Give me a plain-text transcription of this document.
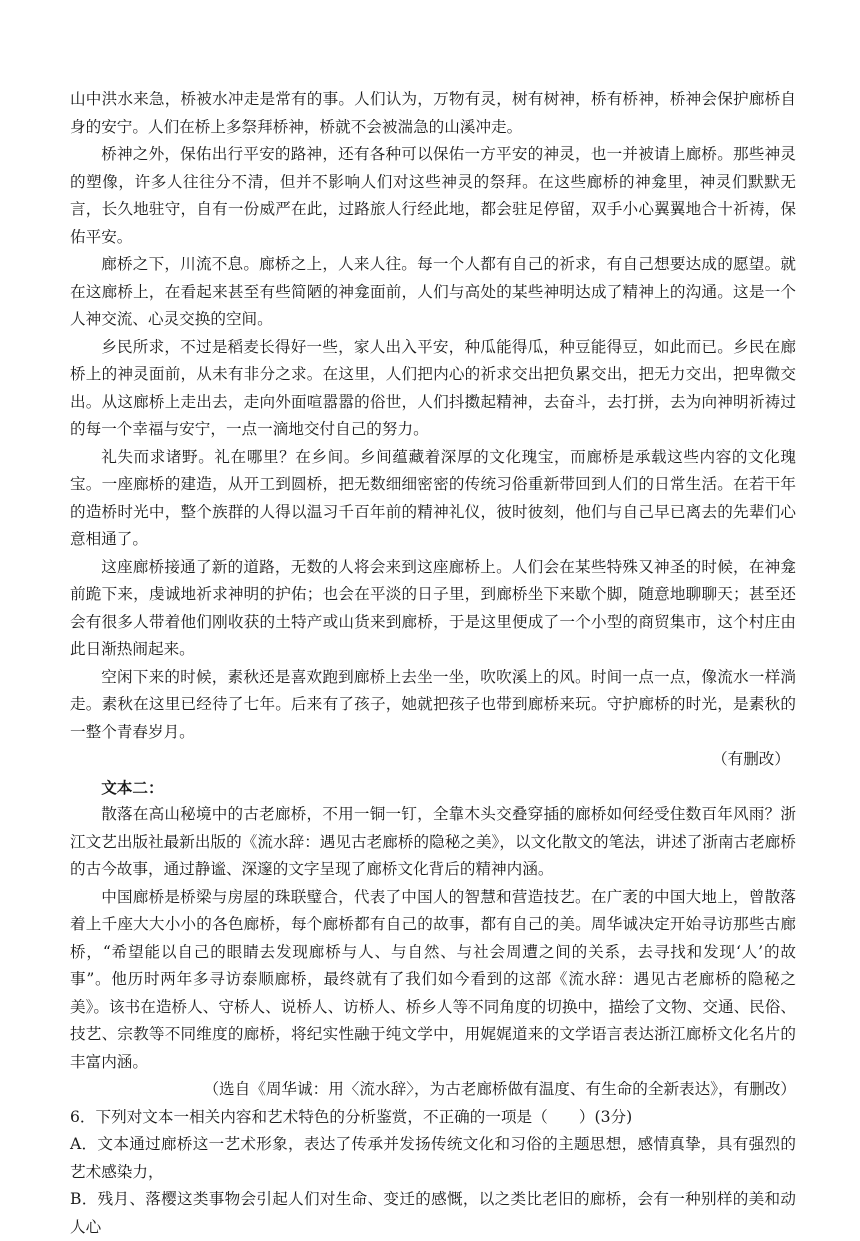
山中洪水来急，桥被水冲走是常有的事。人们认为，万物有灵，树有树神，桥有桥神，桥神会保护廊桥自身的安宁。人们在桥上多祭拜桥神，桥就不会被湍急的山溪冲走。

桥神之外，保佑出行平安的路神，还有各种可以保佑一方平安的神灵，也一并被请上廊桥。那些神灵的塑像，许多人往往分不清，但并不影响人们对这些神灵的祭拜。在这些廊桥的神龛里，神灵们默默无言，长久地驻守，自有一份威严在此，过路旅人行经此地，都会驻足停留，双手小心翼翼地合十祈祷，保佑平安。

廊桥之下，川流不息。廊桥之上，人来人往。每一个人都有自己的祈求，有自己想要达成的愿望。就在这廊桥上，在看起来甚至有些简陋的神龛面前，人们与高处的某些神明达成了精神上的沟通。这是一个人神交流、心灵交换的空间。

乡民所求，不过是稻麦长得好一些，家人出入平安，种瓜能得瓜，种豆能得豆，如此而已。乡民在廊桥上的神灵面前，从未有非分之求。在这里，人们把内心的祈求交出把负累交出，把无力交出，把卑微交出。从这廊桥上走出去，走向外面喧嚣嚣的俗世，人们抖擞起精神，去奋斗，去打拼，去为向神明祈祷过的每一个幸福与安宁，一点一滴地交付自己的努力。

礼失而求诸野。礼在哪里？在乡间。乡间蕴藏着深厚的文化瑰宝，而廊桥是承载这些内容的文化瑰宝。一座廊桥的建造，从开工到圆桥，把无数细细密密的传统习俗重新带回到人们的日常生活。在若干年的造桥时光中，整个族群的人得以温习千百年前的精神礼仪，彼时彼刻，他们与自己早已离去的先辈们心意相通了。

这座廊桥接通了新的道路，无数的人将会来到这座廊桥上。人们会在某些特殊又神圣的时候，在神龛前跪下来，虔诚地祈求神明的护佑；也会在平淡的日子里，到廊桥坐下来歇个脚，随意地聊聊天；甚至还会有很多人带着他们刚收获的土特产或山货来到廊桥，于是这里便成了一个小型的商贸集市，这个村庄由此日渐热闹起来。

空闲下来的时候，素秋还是喜欢跑到廊桥上去坐一坐，吹吹溪上的风。时间一点一点，像流水一样淌走。素秋在这里已经待了七年。后来有了孩子，她就把孩子也带到廊桥来玩。守护廊桥的时光，是素秋的一整个青春岁月。

（有删改）

文本二：

散落在高山秘境中的古老廊桥，不用一铜一钉，全靠木头交叠穿插的廊桥如何经受住数百年风雨？浙江文艺出版社最新出版的《流水辞：遇见古老廊桥的隐秘之美》，以文化散文的笔法，讲述了浙南古老廊桥的古今故事，通过静谧、深邃的文字呈现了廊桥文化背后的精神内涵。

中国廊桥是桥梁与房屋的珠联璧合，代表了中国人的智慧和营造技艺。在广袤的中国大地上，曾散落着上千座大大小小的各色廊桥，每个廊桥都有自己的故事，都有自己的美。周华诚决定开始寻访那些古廊桥，“希望能以自己的眼睛去发现廊桥与人、与自然、与社会周遭之间的关系，去寻找和发现‘人’的故事”。他历时两年多寻访泰顺廊桥，最终就有了我们如今看到的这部《流水辞：遇见古老廊桥的隐秘之美》。该书在造桥人、守桥人、说桥人、访桥人、桥乡人等不同角度的切换中，描绘了文物、交通、民俗、技艺、宗教等不同维度的廊桥，将纪实性融于纯文学中，用娓娓道来的文学语言表达浙江廊桥文化名片的丰富内涵。

（选自《周华诚：用〈流水辞〉，为古老廊桥做有温度、有生命的全新表达》，有删改）

6．下列对文本一相关内容和艺术特色的分析鉴赏，不正确的一项是（　　）(3分)

A．文本通过廊桥这一艺术形象，表达了传承并发扬传统文化和习俗的主题思想，感情真挚，具有强烈的艺术感染力，

B．残月、落樱这类事物会引起人们对生命、变迁的感慨，以之类比老旧的廊桥，会有一种别样的美和动人心
